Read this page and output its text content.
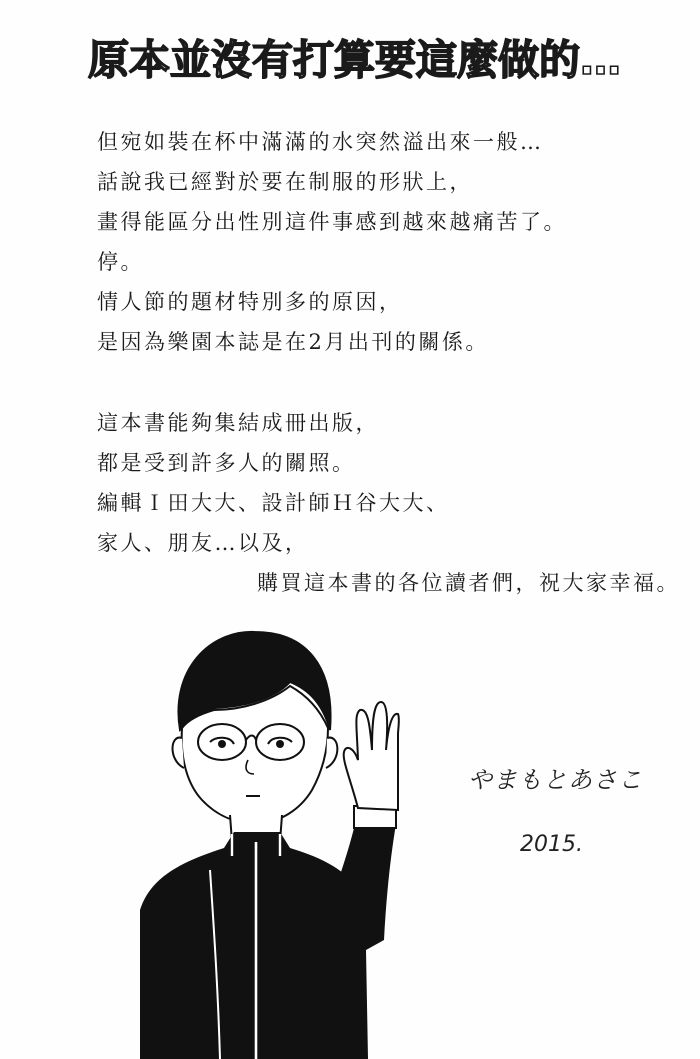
原本並沒有打算要這麼做的…
但宛如裝在杯中滿滿的水突然溢出來一般…
話說我已經對於要在制服的形狀上，
畫得能區分出性別這件事感到越來越痛苦了。
停。
情人節的題材特別多的原因，
是因為樂園本誌是在2月出刊的關係。
這本書能夠集結成冊出版，
都是受到許多人的關照。
編輯Ｉ田大大、設計師Ｈ谷大大、
家人、朋友…以及，
購買這本書的各位讀者們，祝大家幸福。
やまもとあさこ
2015.
